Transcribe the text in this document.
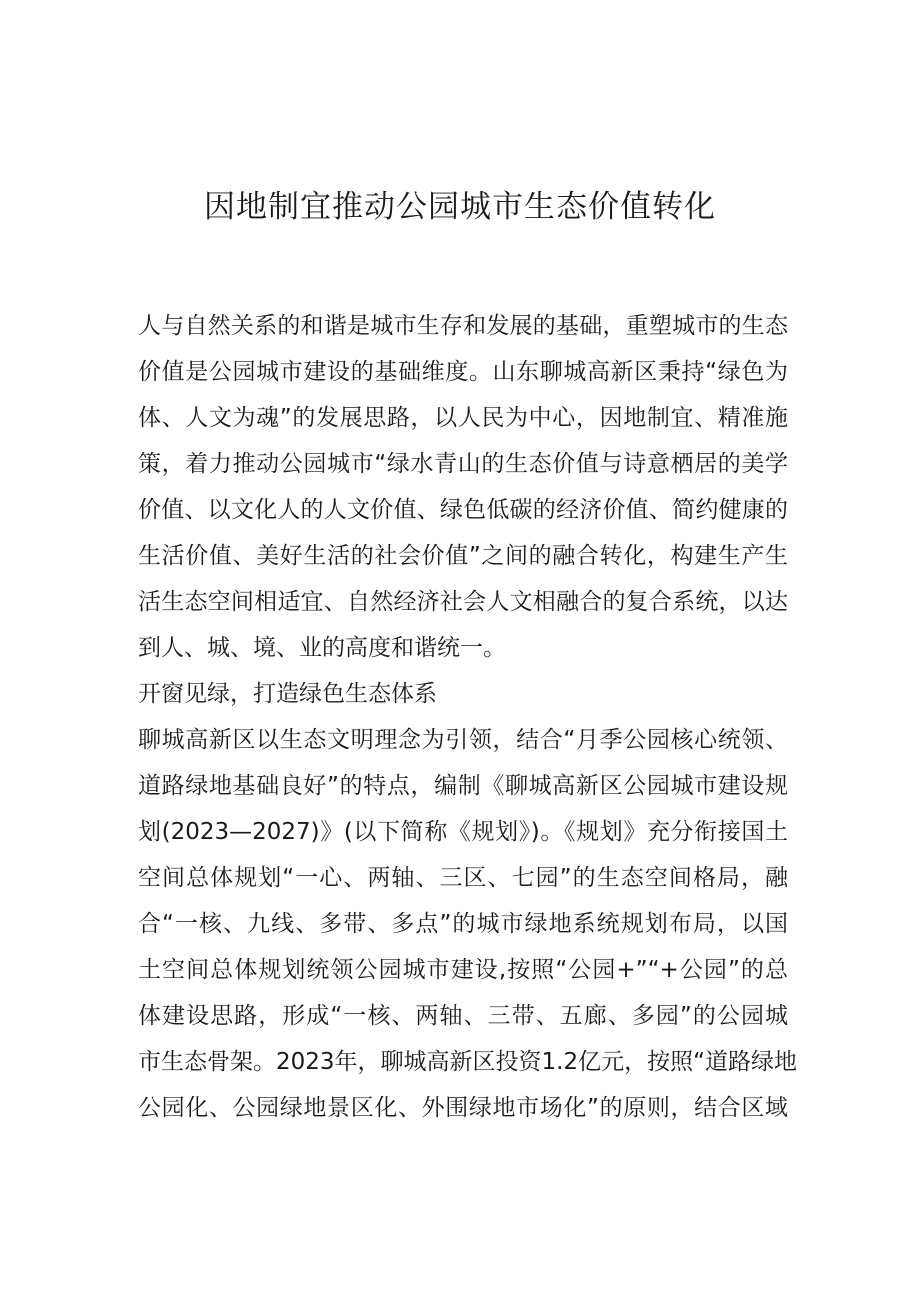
因地制宜推动公园城市生态价值转化
人与自然关系的和谐是城市生存和发展的基础，重塑城市的生态
价值是公园城市建设的基础维度。山东聊城高新区秉持“绿色为
体、人文为魂”的发展思路，以人民为中心，因地制宜、精准施
策，着力推动公园城市“绿水青山的生态价值与诗意栖居的美学
价值、以文化人的人文价值、绿色低碳的经济价值、简约健康的
生活价值、美好生活的社会价值”之间的融合转化，构建生产生
活生态空间相适宜、自然经济社会人文相融合的复合系统，以达
到人、城、境、业的高度和谐统一。
开窗见绿，打造绿色生态体系
聊城高新区以生态文明理念为引领，结合“月季公园核心统领、
道路绿地基础良好”的特点，编制《聊城高新区公园城市建设规
划(2023—2027)》(以下简称《规划》)。《规划》充分衔接国土
空间总体规划“一心、两轴、三区、七园”的生态空间格局，融
合“一核、九线、多带、多点”的城市绿地系统规划布局，以国
土空间总体规划统领公园城市建设,按照“公园+”“+公园”的总
体建设思路，形成“一核、两轴、三带、五廊、多园”的公园城
市生态骨架。2023年，聊城高新区投资1.2亿元，按照“道路绿地
公园化、公园绿地景区化、外围绿地市场化”的原则，结合区域
